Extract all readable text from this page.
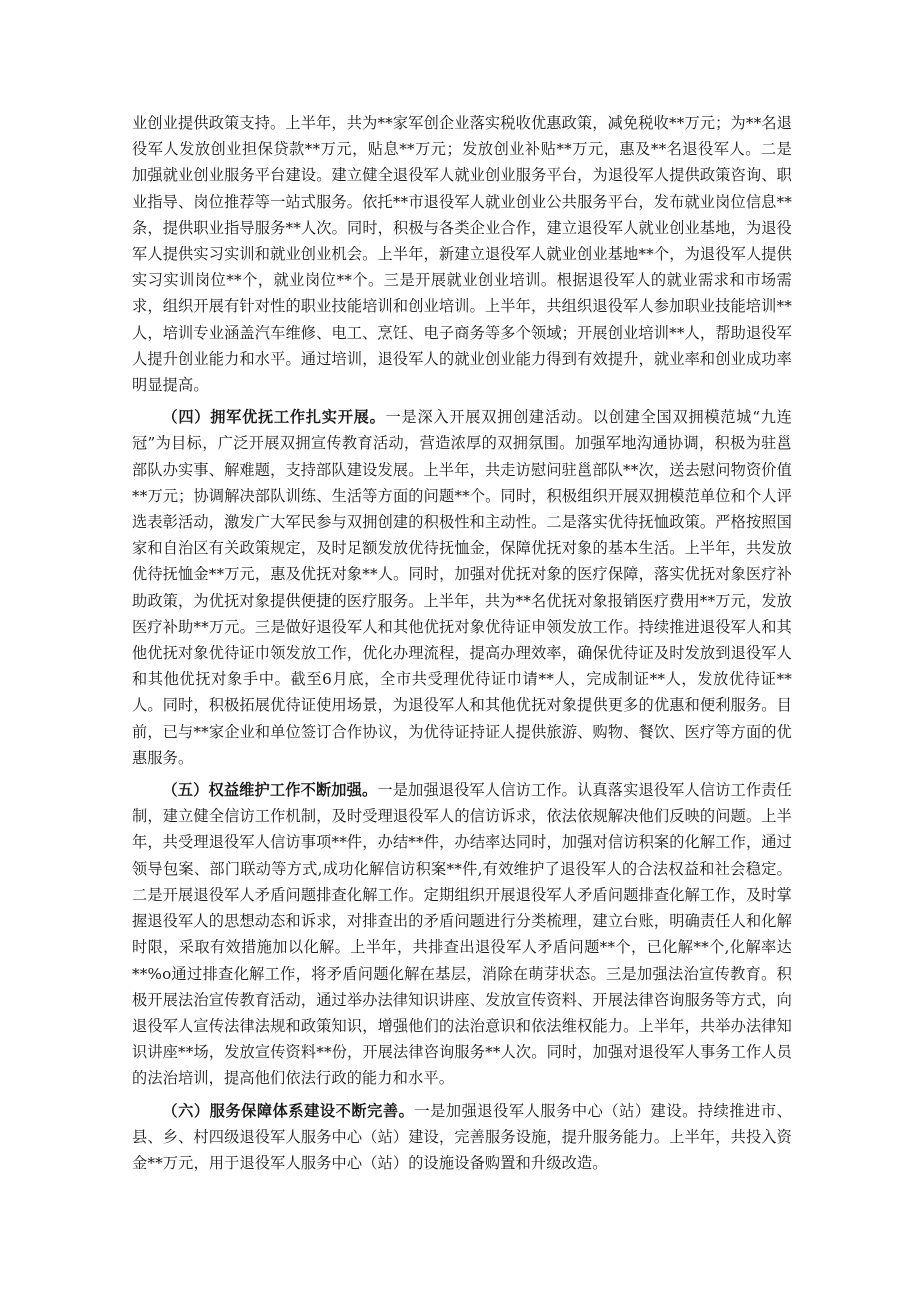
业创业提供政策支持。上半年，共为**家军创企业落实税收优惠政策，减免税收**万元；为**名退役军人发放创业担保贷款**万元，贴息**万元；发放创业补贴**万元，惠及**名退役军人。二是加强就业创业服务平台建设。建立健全退役军人就业创业服务平台，为退役军人提供政策咨询、职业指导、岗位推荐等一站式服务。依托**市退役军人就业创业公共服务平台，发布就业岗位信息**条，提供职业指导服务**人次。同时，积极与各类企业合作，建立退役军人就业创业基地，为退役军人提供实习实训和就业创业机会。上半年，新建立退役军人就业创业基地**个，为退役军人提供实习实训岗位**个，就业岗位**个。三是开展就业创业培训。根据退役军人的就业需求和市场需求，组织开展有针对性的职业技能培训和创业培训。上半年，共组织退役军人参加职业技能培训**人，培训专业涵盖汽车维修、电工、烹饪、电子商务等多个领域；开展创业培训**人，帮助退役军人提升创业能力和水平。通过培训，退役军人的就业创业能力得到有效提升，就业率和创业成功率明显提高。

（四）拥军优抚工作扎实开展。一是深入开展双拥创建活动。以创建全国双拥模范城“九连冠”为目标，广泛开展双拥宣传教育活动，营造浓厚的双拥氛围。加强军地沟通协调，积极为驻邕部队办实事、解难题，支持部队建设发展。上半年，共走访慰问驻邕部队**次，送去慰问物资价值**万元；协调解决部队训练、生活等方面的问题**个。同时，积极组织开展双拥模范单位和个人评选表彰活动，激发广大军民参与双拥创建的积极性和主动性。二是落实优待抚恤政策。严格按照国家和自治区有关政策规定，及时足额发放优待抚恤金，保障优抚对象的基本生活。上半年，共发放优待抚恤金**万元，惠及优抚对象**人。同时，加强对优抚对象的医疗保障，落实优抚对象医疗补助政策，为优抚对象提供便捷的医疗服务。上半年，共为**名优抚对象报销医疗费用**万元，发放医疗补助**万元。三是做好退役军人和其他优抚对象优待证申领发放工作。持续推进退役军人和其他优抚对象优待证巾领发放工作，优化办理流程，提高办理效率，确保优待证及时发放到退役军人和其他优抚对象手中。截至6月底，全市共受理优待证巾请**人，完成制证**人，发放优待证**人。同时，积极拓展优待证使用场景，为退役军人和其他优抚对象提供更多的优惠和便利服务。目前，已与**家企业和单位签订合作协议，为优待证持证人提供旅游、购物、餐饮、医疗等方面的优惠服务。

（五）权益维护工作不断加强。一是加强退役军人信访工作。认真落实退役军人信访工作责任制，建立健全信访工作机制，及时受理退役军人的信访诉求，依法依规解决他们反映的问题。上半年，共受理退役军人信访事项**件，办结**件，办结率达同时，加强对信访积案的化解工作，通过领导包案、部门联动等方式,成功化解信访积案**件,有效维护了退役军人的合法权益和社会稳定。二是开展退役军人矛盾问题排查化解工作。定期组织开展退役军人矛盾问题排查化解工作，及时掌握退役军人的思想动态和诉求，对排查出的矛盾问题进行分类梳理，建立台账，明确责任人和化解时限，采取有效措施加以化解。上半年，共排查出退役军人矛盾问题**个，已化解**个,化解率达**%o通过排查化解工作，将矛盾问题化解在基层，消除在萌芽状态。三是加强法治宣传教育。积极开展法治宣传教育活动，通过举办法律知识讲座、发放宣传资料、开展法律咨询服务等方式，向退役军人宣传法律法规和政策知识，增强他们的法治意识和依法维权能力。上半年，共举办法律知识讲座**场，发放宣传资料**份，开展法律咨询服务**人次。同时，加强对退役军人事务工作人员的法治培训，提高他们依法行政的能力和水平。

（六）服务保障体系建设不断完善。一是加强退役军人服务中心（站）建设。持续推进市、县、乡、村四级退役军人服务中心（站）建设，完善服务设施，提升服务能力。上半年，共投入资金**万元，用于退役军人服务中心（站）的设施设备购置和升级改造。
